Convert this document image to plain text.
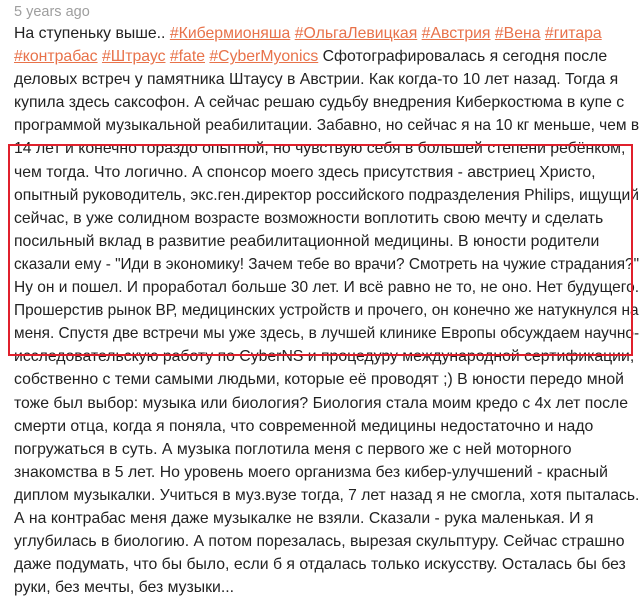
5 years ago
На ступеньку выше.. #Кибермионяша #ОльгаЛевицкая #Австрия #Вена #гитара
#контрабас #Штраус #fate #CyberMyonics Сфотографировалась я сегодня после
деловых встреч у памятника Штаусу в Австрии. Как когда-то 10 лет назад. Тогда я
купила здесь саксофон. А сейчас решаю судьбу внедрения Киберкостюма в купе с
программой музыкальной реабилитации. Забавно, но сейчас я на 10 кг меньше, чем в
14 лет и конечно гораздо опытной, но чувствую себя в большей степени ребёнком,
чем тогда. Что логично. А спонсор моего здесь присутствия - австриец Христо,
опытный руководитель, экс.ген.директор российского подразделения Philips, ищущий
сейчас, в уже солидном возрасте возможности воплотить свою мечту и сделать
посильный вклад в развитие реабилитационной медицины. В юности родители
сказали ему - "Иди в экономику! Зачем тебе во врачи? Смотреть на чужие страдания?"
Ну он и пошел. И проработал больше 30 лет. И всё равно не то, не оно. Нет будущего.
Прошерстив рынок ВР, медицинских устройств и прочего, он конечно же натукнулся на
меня. Спустя две встречи мы уже здесь, в лучшей клинике Европы обсуждаем научно-
исследовательскую работу по CyberNS и процедуру международной сертификации,
собственно с теми самыми людьми, которые её проводят ;) В юности передо мной
тоже был выбор: музыка или биология? Биология стала моим кредо с 4х лет после
смерти отца, когда я поняла, что современной медицины недостаточно и надо
погружаться в суть. А музыка поглотила меня с первого же с ней моторного
знакомства в 5 лет. Но уровень моего организма без кибер-улучшений - красный
диплом музыкалки. Учиться в муз.вузе тогда, 7 лет назад я не смогла, хотя пыталась.
А на контрабас меня даже музыкалке не взяли. Сказали - рука маленькая. И я
углубилась в биологию. А потом порезалась, вырезая скульптуру. Сейчас страшно
даже подумать, что бы было, если б я отдалась только искусству. Осталась бы без
руки, без мечты, без музыки...
